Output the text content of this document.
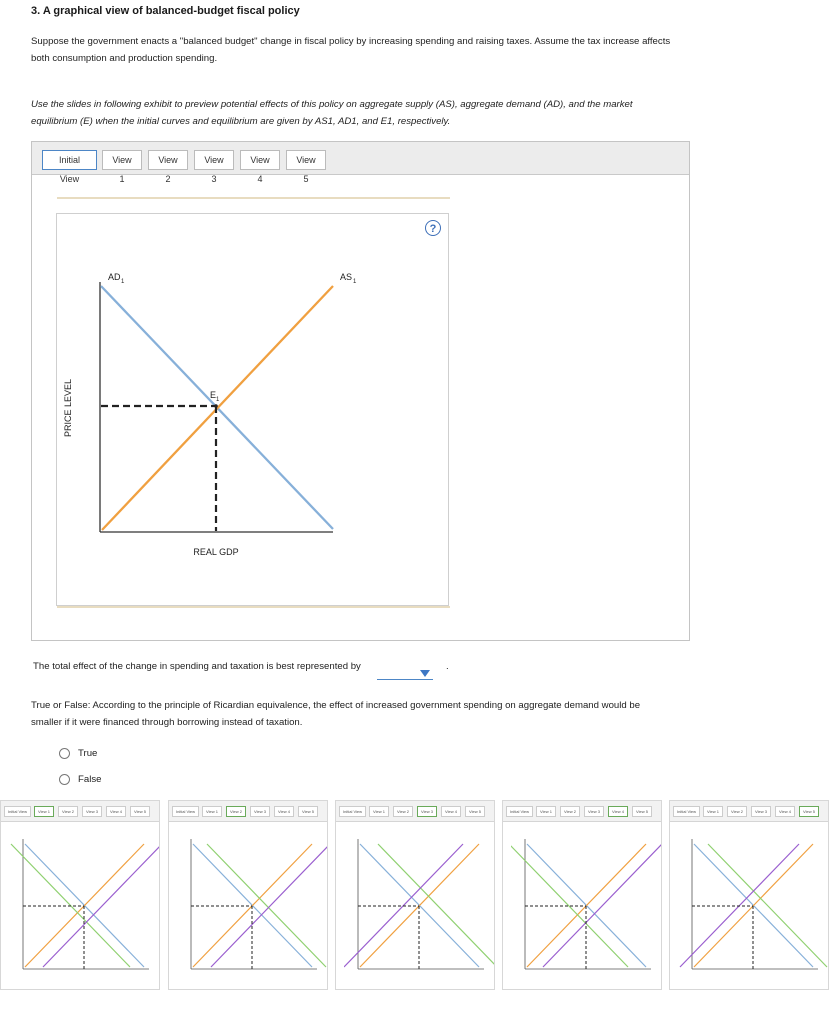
3. A graphical view of balanced-budget fiscal policy
Suppose the government enacts a "balanced budget" change in fiscal policy by increasing spending and raising taxes. Assume the tax increase affects
both consumption and production spending.
Use the slides in following exhibit to preview potential effects of this policy on aggregate supply (AS), aggregate demand (AD), and the market
equilibrium (E) when the initial curves and equilibrium are given by AS1, AD1, and E1, respectively.
Initial View
View 1
View 2
View 3
View 4
View 5
?
AD 1	AS 1
E 1
PRICE LEVEL
REAL GDP
The total effect of the change in spending and taxation is best represented by	.
True or False: According to the principle of Ricardian equivalence, the effect of increased government spending on aggregate demand would be
smaller if it were financed through borrowing instead of taxation.
True
False
Initial View	View 1	View 2	View 3	View 4	View 5	Initial View	View 1	View 2	View 3	View 4	View 5	Initial View	View 1	View 2	View 3	View 4	View 5	Initial View	View 1	View 2	View 3	View 4	View 5	Initial View	View 1	View 2	View 3	View 4	View 5
